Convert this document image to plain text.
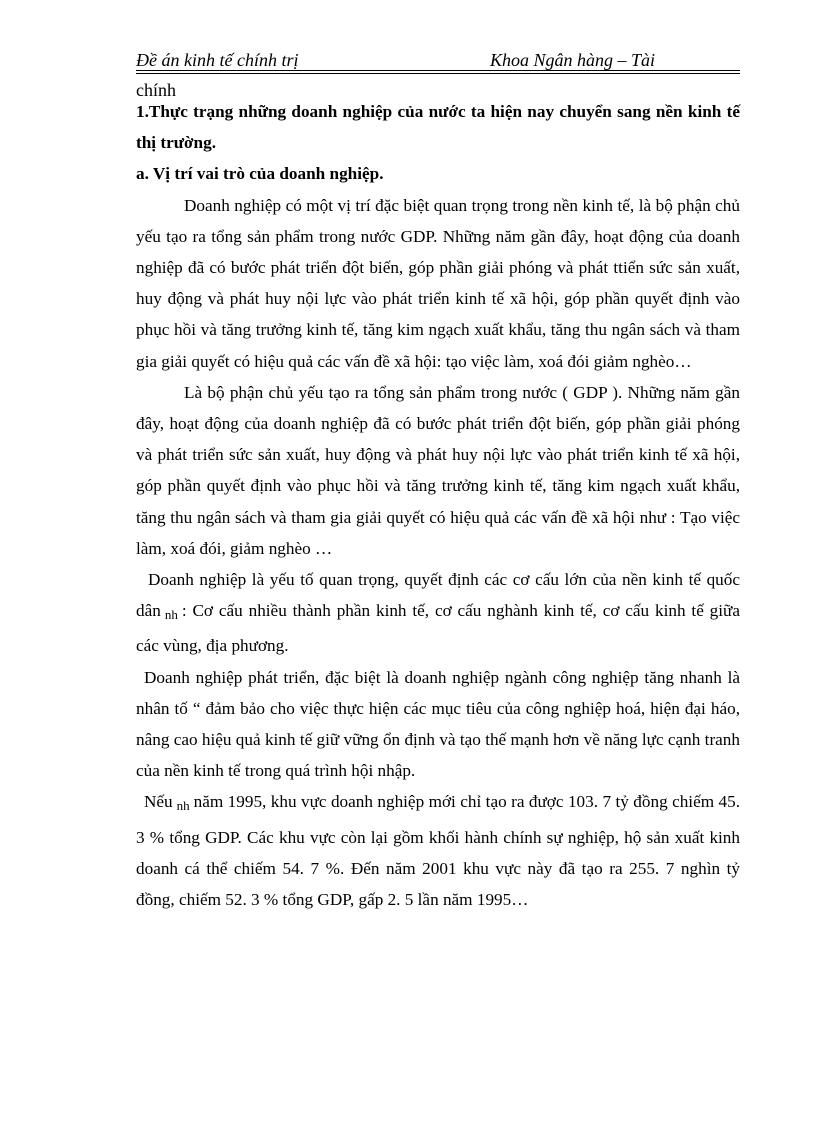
Đề án kinh tế chính trị	Khoa Ngân hàng – Tài
chính

1.Thực trạng những doanh nghiệp của nước ta hiện nay chuyển sang nền kinh tế thị trường.

a. Vị trí vai trò của doanh nghiệp.

Doanh nghiệp có một vị trí đặc biệt quan trọng trong nền kinh tế, là bộ phận chủ yếu tạo ra tổng sản phẩm trong nước GDP. Những năm gần đây, hoạt động của doanh nghiệp đã có bước phát triển đột biến, góp phần giải phóng và phát ttiển sức sản xuất, huy động và phát huy nội lực vào phát triển kinh tế xã hội, góp phần quyết định vào phục hồi và tăng trưởng kinh tế, tăng kim ngạch xuất khẩu, tăng thu ngân sách và tham gia giải quyết có hiệu quả các vấn đề xã hội: tạo việc làm, xoá đói giảm nghèo…

Là bộ phận chủ yếu tạo ra tổng sản phẩm trong nước ( GDP ). Những năm gần đây, hoạt động của doanh nghiệp đã có bước phát triển đột biến, góp phần giải phóng và phát triển sức sản xuất, huy động và phát huy nội lực vào phát triển kinh tế xã hội, góp phần quyết định vào phục hồi và tăng trưởng kinh tế, tăng kim ngạch xuất khẩu, tăng thu ngân sách và tham gia giải quyết có hiệu quả các vấn đề xã hội như : Tạo việc làm, xoá đói, giảm nghèo …

Doanh nghiệp là yếu tố quan trọng, quyết định các cơ cấu lớn của nền kinh tế quốc dân $_{nh}$ : Cơ cấu nhiều thành phần kinh tế, cơ cấu nghành kinh tế, cơ cấu kinh tế giữa các vùng, địa phương.

Doanh nghiệp phát triển, đặc biệt là doanh nghiệp ngành công nghiệp tăng nhanh là nhân tố “ đảm bảo cho việc thực hiện các mục tiêu của công nghiệp hoá, hiện đại háo, nâng cao hiệu quả kinh tế giữ vững ổn định và tạo thế mạnh hơn về năng lực cạnh tranh của nền kinh tế trong quá trình hội nhập.

Nếu $_{nh}$ năm 1995, khu vực doanh nghiệp mới chỉ tạo ra được 103. 7 tỷ đồng chiếm 45. 3 % tổng GDP. Các khu vực còn lại gồm khối hành chính sự nghiệp, hộ sản xuất kinh doanh cá thể chiếm 54. 7 %. Đến năm 2001 khu vực này đã tạo ra 255. 7 nghìn tỷ đồng, chiếm 52. 3 % tổng GDP, gấp 2. 5 lần năm 1995…
